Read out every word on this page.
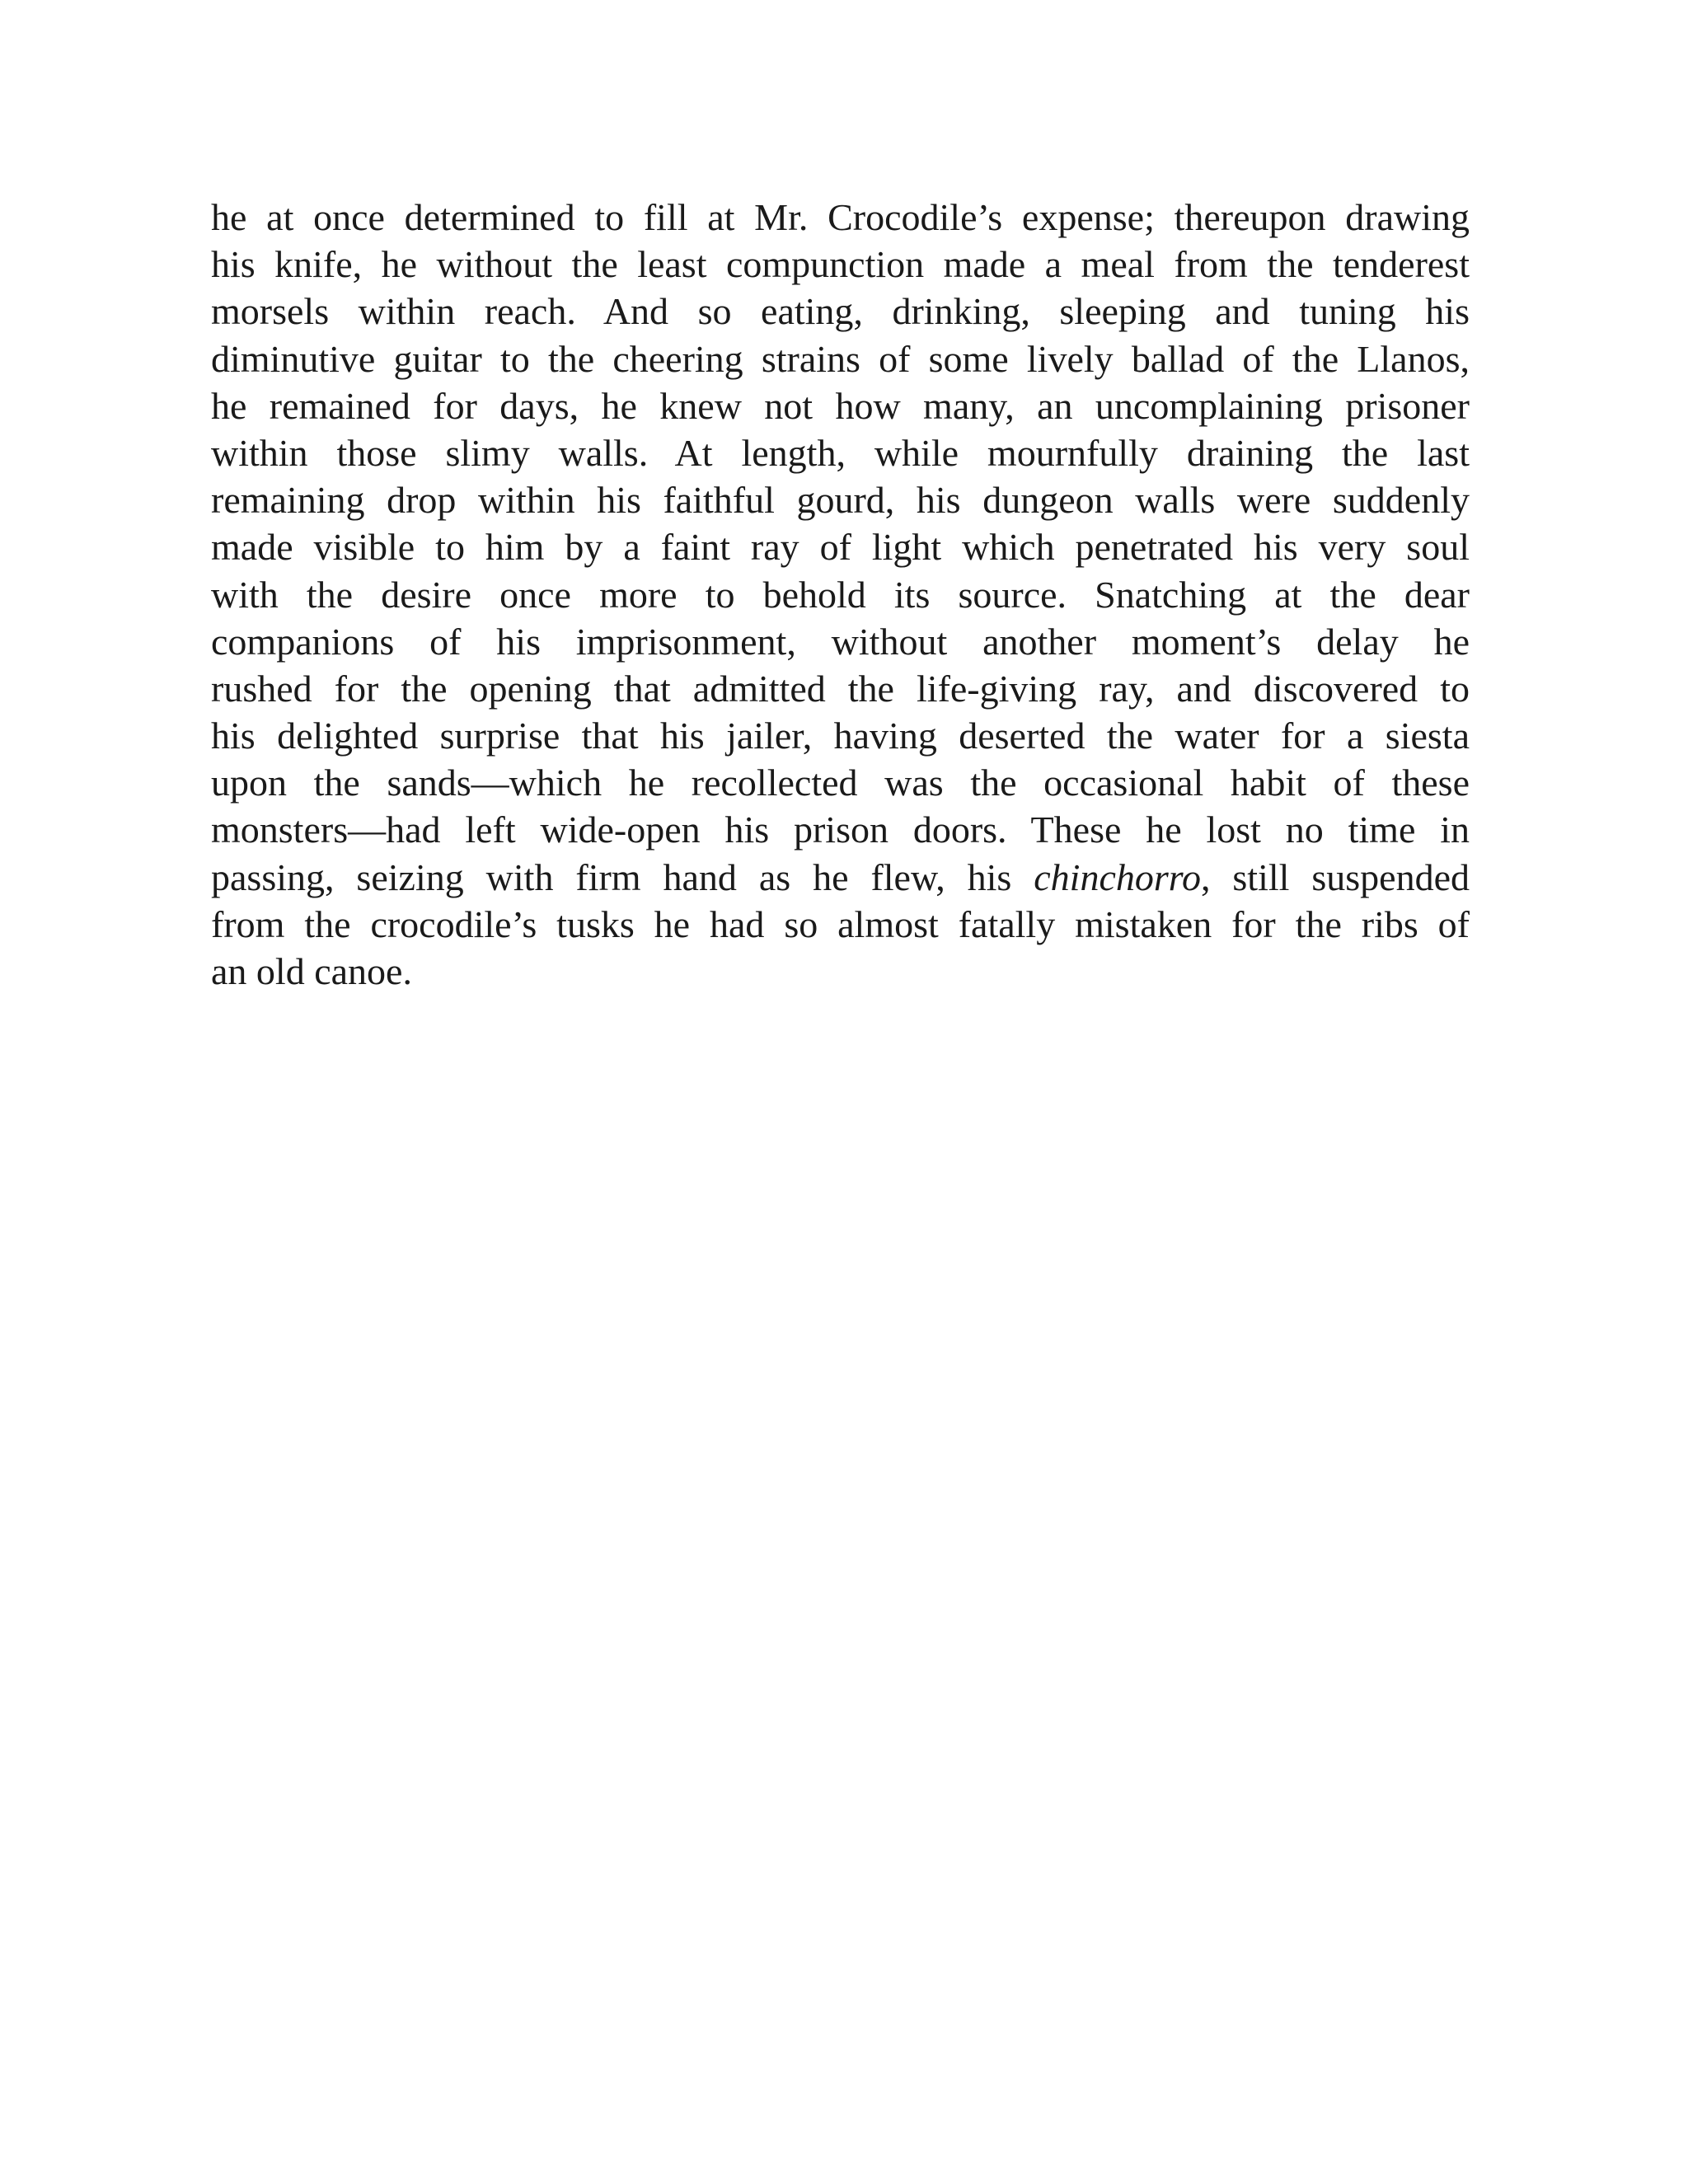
he at once determined to fill at Mr. Crocodile’s expense; thereupon drawing
his knife, he without the least compunction made a meal from the tenderest
morsels within reach. And so eating, drinking, sleeping and tuning his
diminutive guitar to the cheering strains of some lively ballad of the Llanos,
he remained for days, he knew not how many, an uncomplaining prisoner
within those slimy walls. At length, while mournfully draining the last
remaining drop within his faithful gourd, his dungeon walls were suddenly
made visible to him by a faint ray of light which penetrated his very soul
with the desire once more to behold its source. Snatching at the dear
companions of his imprisonment, without another moment’s delay he
rushed for the opening that admitted the life-giving ray, and discovered to
his delighted surprise that his jailer, having deserted the water for a siesta
upon the sands—which he recollected was the occasional habit of these
monsters—had left wide-open his prison doors. These he lost no time in
passing, seizing with firm hand as he flew, his chinchorro, still suspended
from the crocodile’s tusks he had so almost fatally mistaken for the ribs of
an old canoe.
